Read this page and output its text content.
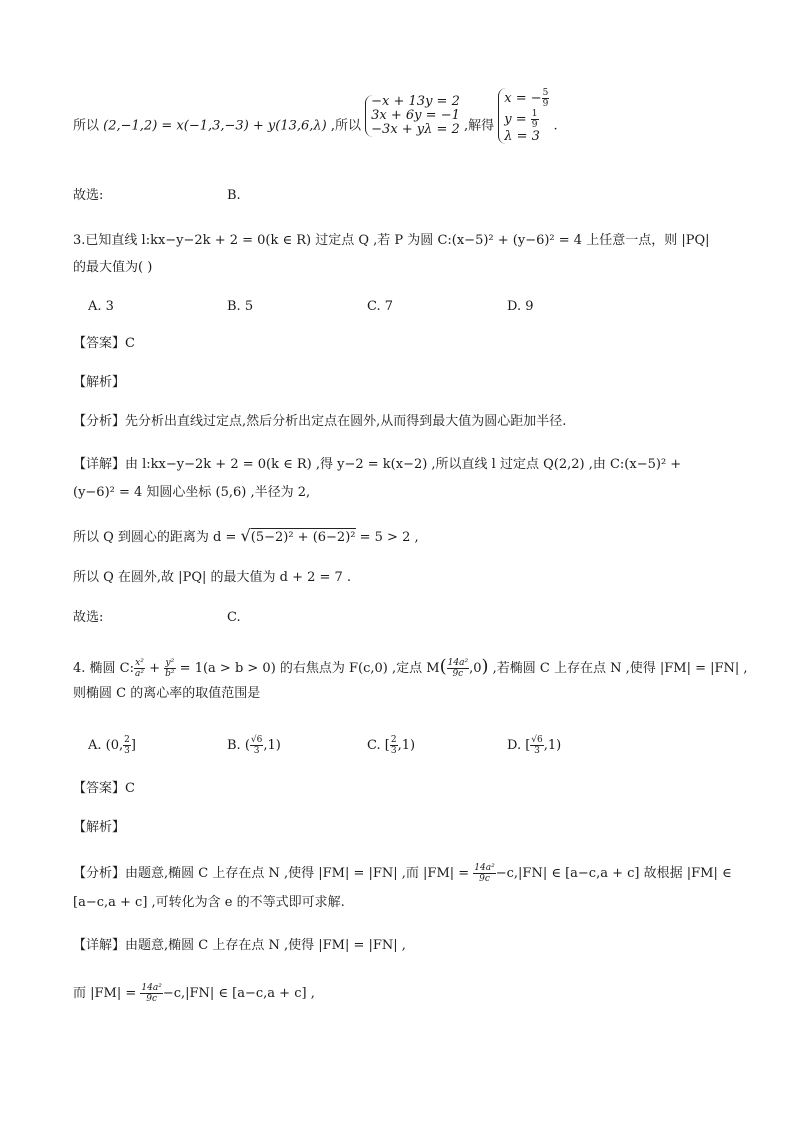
所以 (2,−1,2) = x(−1,3,−3) + y(13,6,λ) ,所以
−x + 13y = 2
3x + 6y = −1
−3x + yλ = 2 ,解得
x = − $\frac{5}{9}$
$y = \frac{1}{9}$
λ = 3
.
故选:	B.
3.已知直线 l:kx−y−2k + 2 = 0(k ∈ R) 过定点 Q ,若 P 为圆 C:(x−5)² + (y−6)² = 4 上任意一点，则 |PQ|
的最大值为( )
A. 3	B. 5	C. 7	D. 9
【答案】C
【解析】
【分析】先分析出直线过定点,然后分析出定点在圆外,从而得到最大值为圆心距加半径.
【详解】由 l:kx−y−2k + 2 = 0(k ∈ R) ,得 y−2 = k(x−2) ,所以直线 l 过定点 Q(2,2) ,由 C:(x−5)² +
(y−6)² = 4 知圆心坐标 (5,6) ,半径为 2,
所以 Q 到圆心的距离为 d = √(5−2)² + (6−2)² = 5 > 2 ,
所以 Q 在圆外,故 |PQ| 的最大值为 d + 2 = 7 .
故选:	C.
4. 椭圆 C: $\frac{\text{x²}}{\text{a²}} + \frac{\text{y²}}{\text{b²}} = 1(a > b > 0)$ 的右焦点为 F(c,0) ,定点 $M( \frac{\text{14a²}}{9c} ,0)$ ,若椭圆 C 上存在点 N ,使得 |FM| = |FN| ,
则椭圆 C 的离心率的取值范围是
A. (0, $\frac{2}{3}$ ]	B. ( $\frac{√6}{3} ,1$)	C. [ $\frac{2}{3} ,1$)	D. [ $\frac{√6}{3} ,1$)
【答案】C
【解析】
【分析】由题意,椭圆 C 上存在点 N ,使得 |FM| = |FN| ,而 $|FM| = \frac{\text{14a²}}{9c} -c,|FN|$ ∈ [a−c,a + c] 故根据 |FM| ∈
[a−c,a + c] ,可转化为含 e 的不等式即可求解.
【详解】由题意,椭圆 C 上存在点 N ,使得 |FM| = |FN| ,
而 $|FM| = \frac{\text{14a²}}{9c} -c,|FN|$ ∈ [a−c,a + c] ,
